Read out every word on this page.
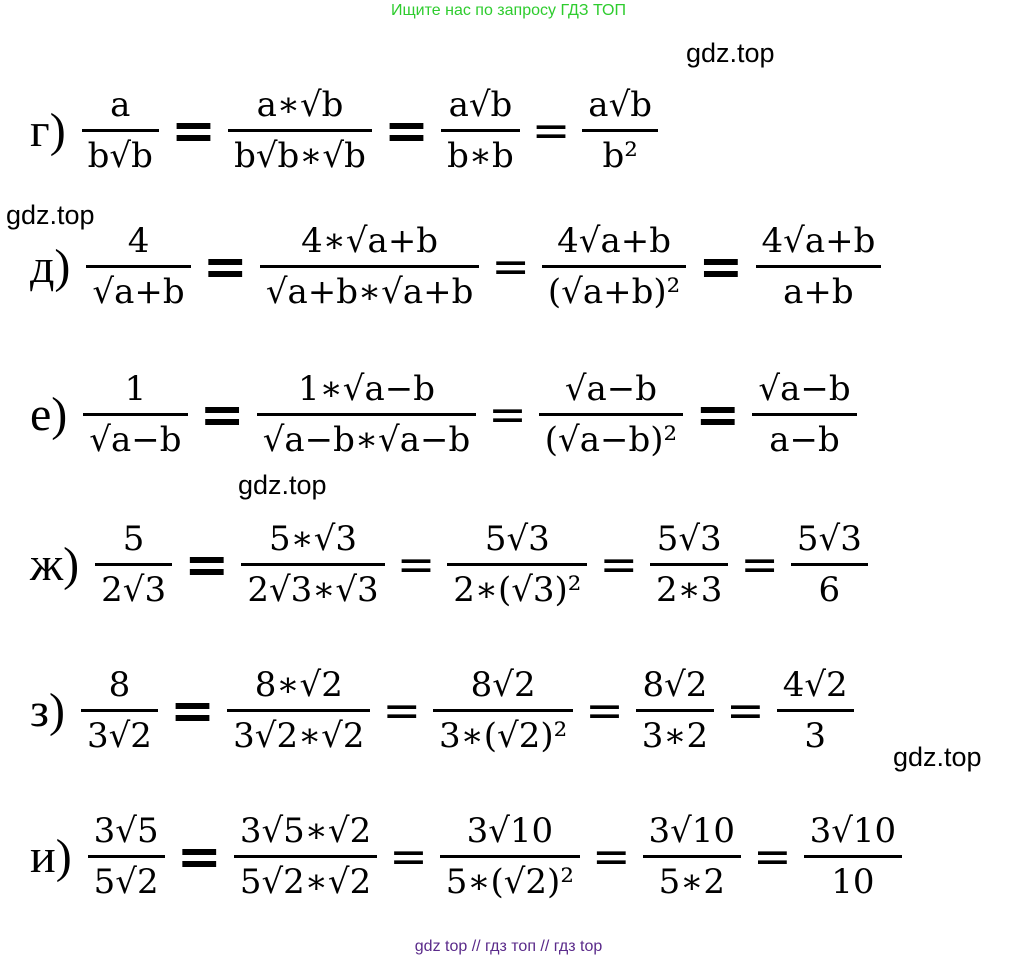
Ищите нас по запросу ГДЗ ТОП
gdz.top
gdz.top
gdz.top
gdz.top
$г) \frac{a}{b√b} = \frac{a∗√b}{b√b∗√b} = \frac{a√b}{b∗b} = \frac{a√b}{\text{b²}}$
$д) \frac{4}{√a+b} = \frac{4∗√a+b}{√a+b∗√a+b} = \frac{4√a+b}{\text{(√a+b)²}} = \frac{4√a+b}{a+b}$
$е) \frac{1}{√a-b} = \frac{1∗√a-b}{√a-b∗√a-b} = \frac{√a-b}{\text{(√a−b)²}} = \frac{√a-b}{a-b}$
$ж) \frac{5}{2√3} = \frac{5∗√3}{2√3∗√3} = \frac{5√3}{\text{2∗(√3)²}} = \frac{5√3}{2∗3} = \frac{5√3}{6}$
$з) \frac{8}{3√2} = \frac{8∗√2}{3√2∗√2} = \frac{8√2}{\text{3∗(√2)²}} = \frac{8√2}{3∗2} = \frac{4√2}{3}$
$и) \frac{3√5}{5√2} = \frac{3√5∗√2}{5√2∗√2} = \frac{3√10}{\text{5∗(√2)²}} = \frac{3√10}{5∗2} = \frac{3√10}{10}$
gdz top // гдз топ // гдз top
